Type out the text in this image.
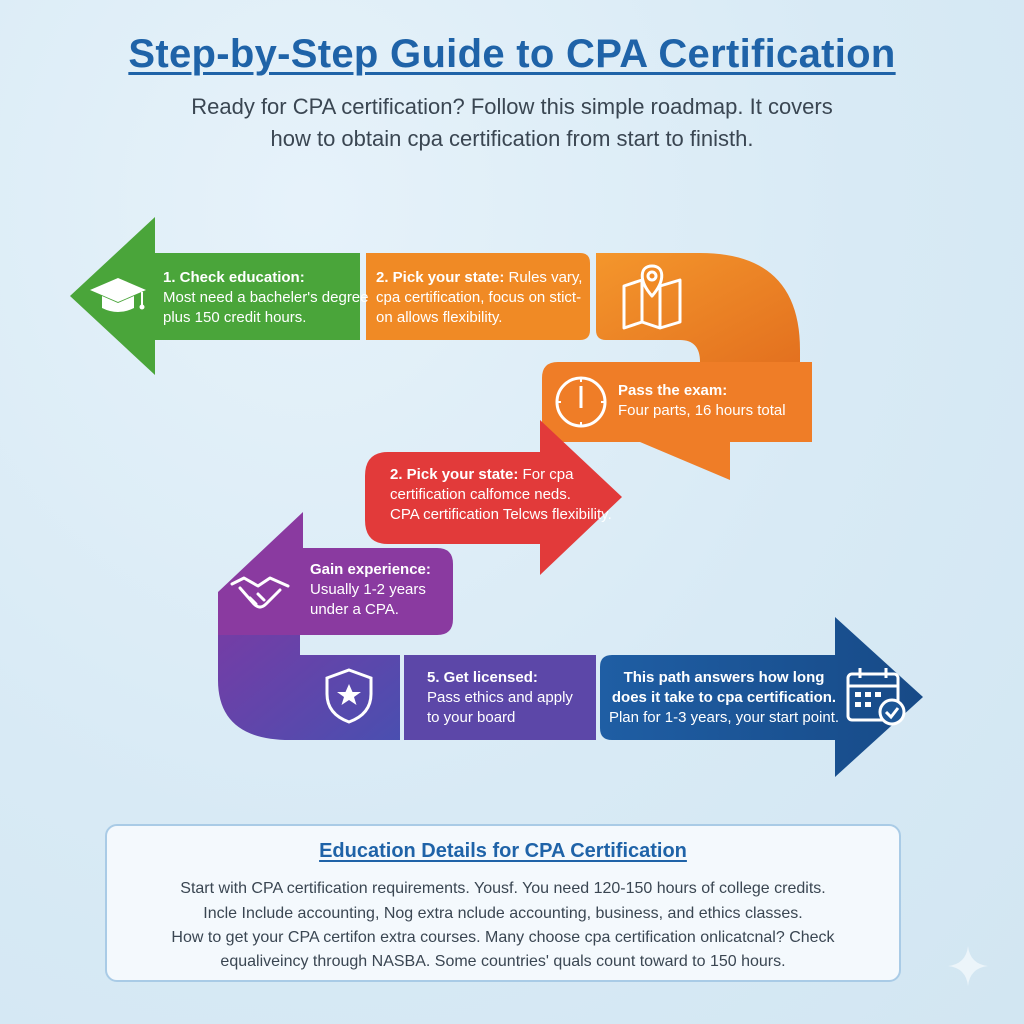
Step-by-Step Guide to CPA Certification

Ready for CPA certification? Follow this simple roadmap. It covers how to obtain cpa certification from start to finisth.

1. Check education:

Most need a bacheler's degree

plus 150 credit hours.

2. Pick your state: Rules vary,

cpa certification, focus on stict-

on allows flexibility.

Pass the exam:

Four parts, 16 hours total

2. Pick your state: For cpa

certification calfomce neds.

CPA certification Telcws flexibility.

Gain experience:

Usually 1-2 years

under a CPA.

5. Get licensed:

Pass ethics and apply

to your board

This path answers how long

does it take to cpa certification.

Plan for 1-3 years, your start point.

Education Details for CPA Certification

Start with CPA certification requirements. Yousf. You need 120-150 hours of college credits.

Incle Include accounting, Nog extra nclude accounting, business, and ethics classes.

How to get your CPA certifon extra courses. Many choose cpa certification onlicatcnal? Check

equaliveincy through NASBA. Some countries' quals count toward to 150 hours.
